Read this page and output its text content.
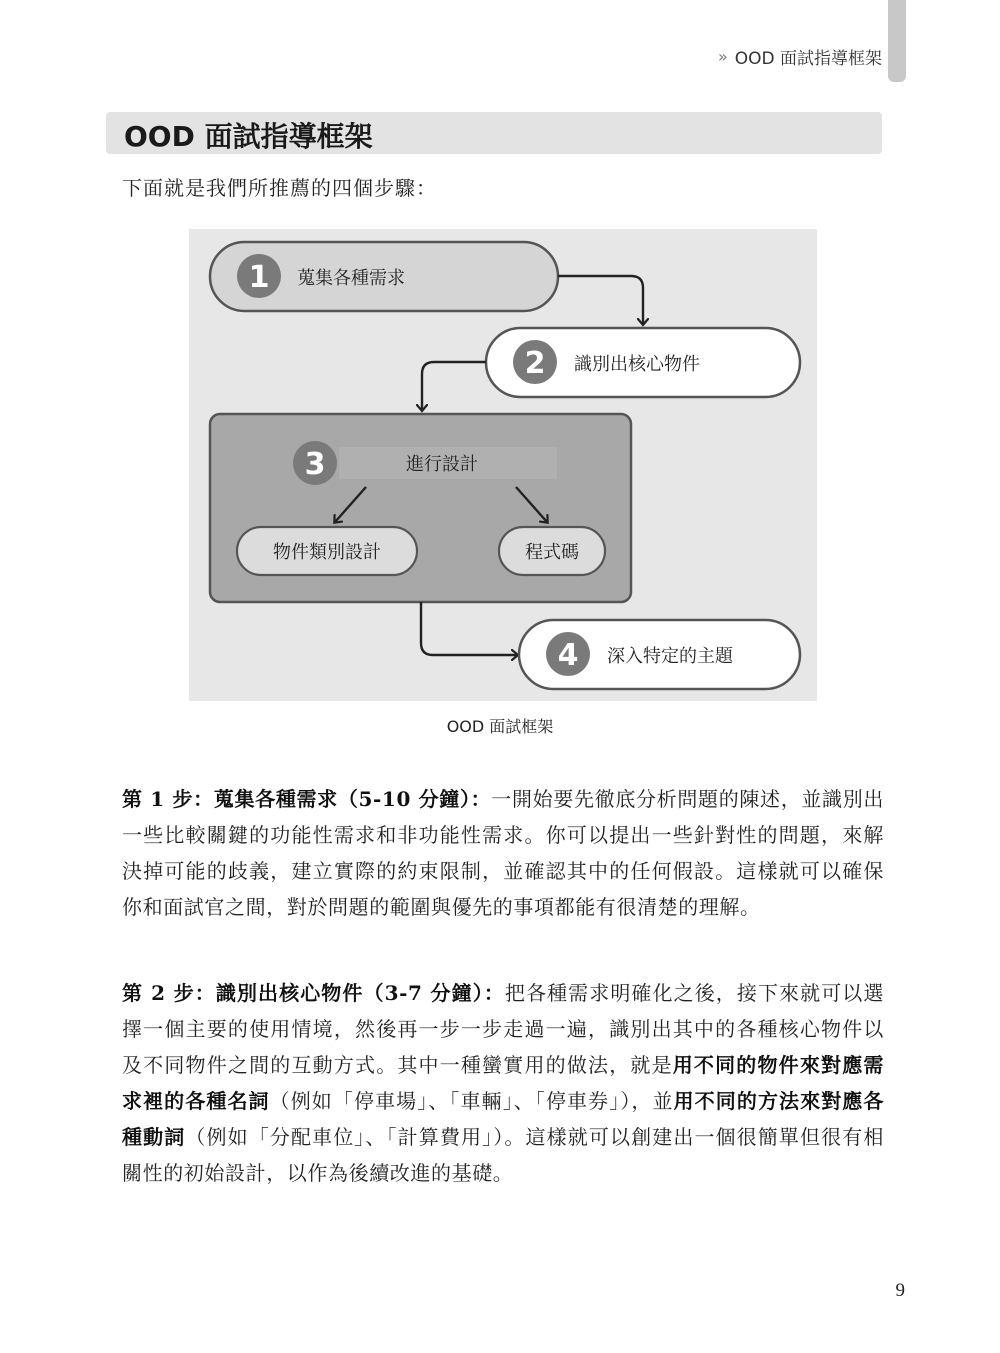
» OOD 面試指導框架
OOD 面試指導框架
下面就是我們所推薦的四個步驟：
1 蒐集各種需求
2 識別出核心物件
3	進行設計
物件類別設計	程式碼
4 深入特定的主題
OOD 面試框架

第 1 步：蒐集各種需求（5-10 分鐘）：一開始要先徹底分析問題的陳述，並識別出一些比較關鍵的功能性需求和非功能性需求。你可以提出一些針對性的問題，來解決掉可能的歧義，建立實際的約束限制，並確認其中的任何假設。這樣就可以確保你和面試官之間，對於問題的範圍與優先的事項都能有很清楚的理解。

第 2 步：識別出核心物件（3-7 分鐘）：把各種需求明確化之後，接下來就可以選擇一個主要的使用情境，然後再一步一步走過一遍，識別出其中的各種核心物件以及不同物件之間的互動方式。其中一種蠻實用的做法，就是用不同的物件來對應需求裡的各種名詞（例如「停車場」、「車輛」、「停車券」），並用不同的方法來對應各種動詞（例如「分配車位」、「計算費用」）。這樣就可以創建出一個很簡單但很有相關性的初始設計，以作為後續改進的基礎。

9
